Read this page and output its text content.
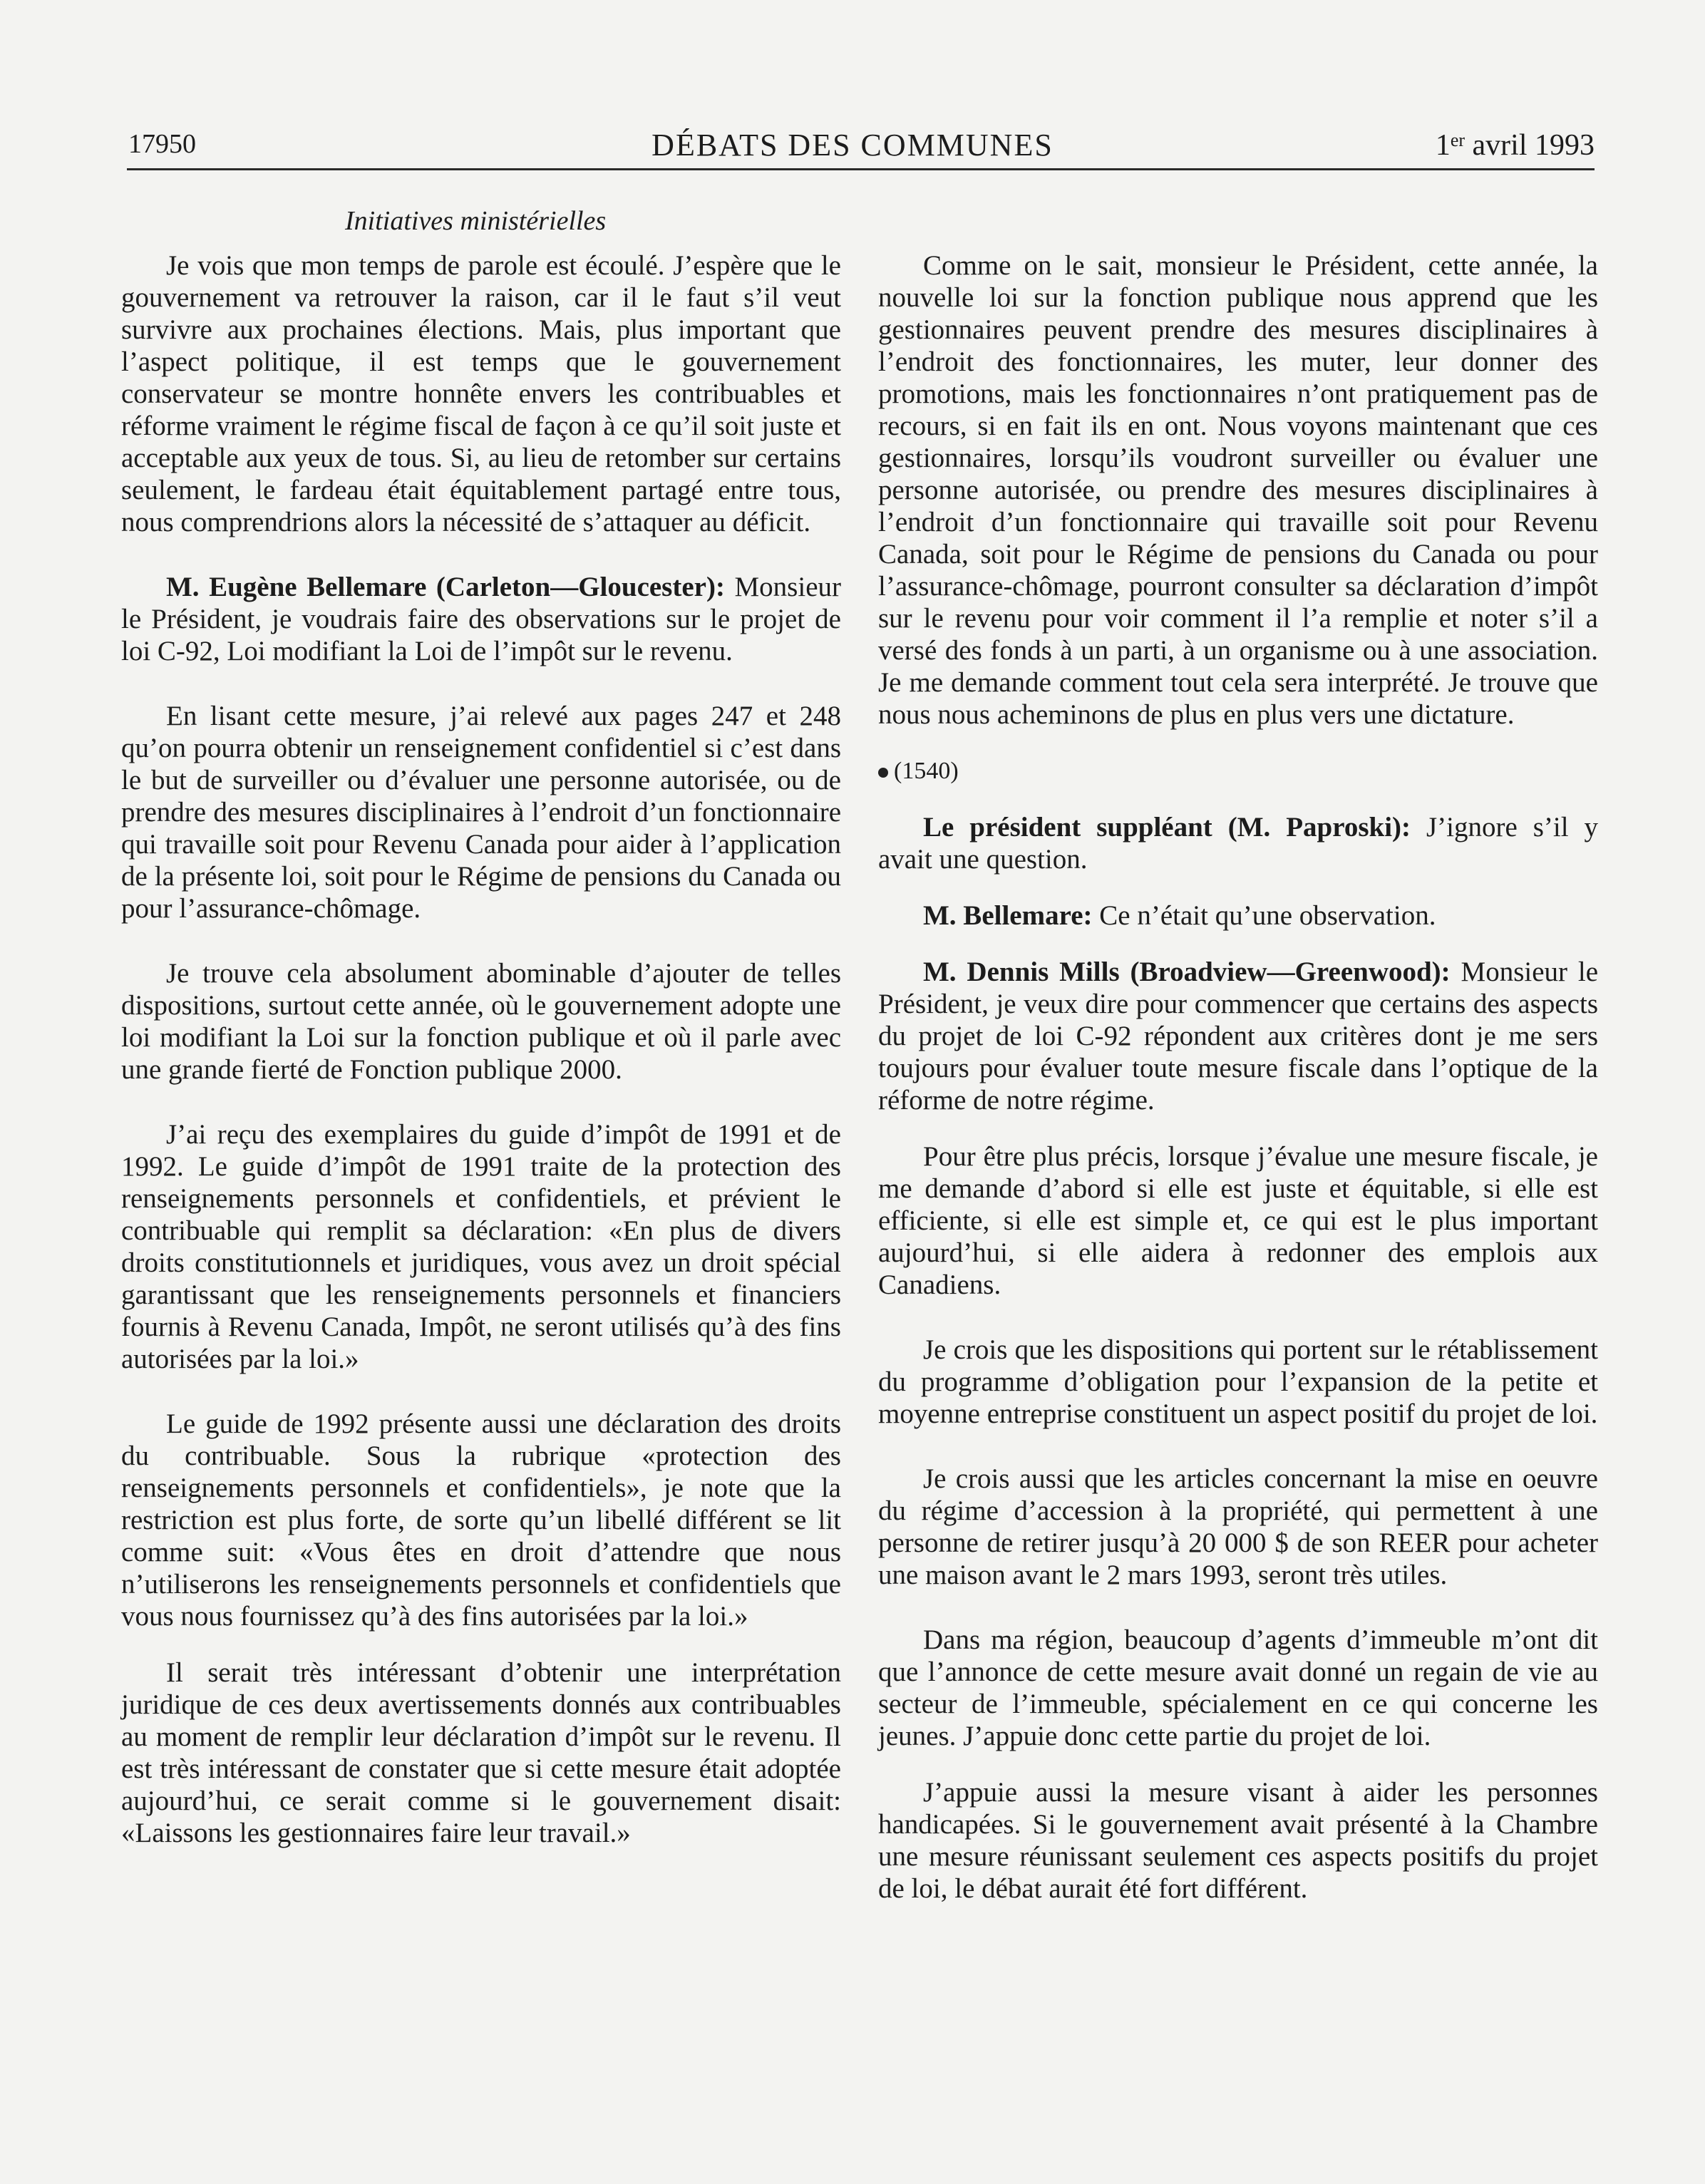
17950	DÉBATS DES COMMUNES	1er avril 1993
Initiatives ministérielles

Je vois que mon temps de parole est écoulé. J’espère que le gouvernement va retrouver la raison, car il le faut s’il veut survivre aux prochaines élections. Mais, plus important que l’aspect politique, il est temps que le gouvernement conservateur se montre honnête envers les contribuables et réforme vraiment le régime fiscal de façon à ce qu’il soit juste et acceptable aux yeux de tous. Si, au lieu de retomber sur certains seulement, le fardeau était équitablement partagé entre tous, nous comprendrions alors la nécessité de s’attaquer au déficit.

M. Eugène Bellemare (Carleton—Gloucester): Monsieur le Président, je voudrais faire des observations sur le projet de loi C-92, Loi modifiant la Loi de l’impôt sur le revenu.

En lisant cette mesure, j’ai relevé aux pages 247 et 248 qu’on pourra obtenir un renseignement confidentiel si c’est dans le but de surveiller ou d’évaluer une personne autorisée, ou de prendre des mesures disciplinaires à l’endroit d’un fonctionnaire qui travaille soit pour Revenu Canada pour aider à l’application de la présente loi, soit pour le Régime de pensions du Canada ou pour l’assurance-chômage.

Je trouve cela absolument abominable d’ajouter de telles dispositions, surtout cette année, où le gouvernement adopte une loi modifiant la Loi sur la fonction publique et où il parle avec une grande fierté de Fonction publique 2000.

J’ai reçu des exemplaires du guide d’impôt de 1991 et de 1992. Le guide d’impôt de 1991 traite de la protection des renseignements personnels et confidentiels, et prévient le contribuable qui remplit sa déclaration: «En plus de divers droits constitutionnels et juridiques, vous avez un droit spécial garantissant que les renseignements personnels et financiers fournis à Revenu Canada, Impôt, ne seront utilisés qu’à des fins autorisées par la loi.»

Le guide de 1992 présente aussi une déclaration des droits du contribuable. Sous la rubrique «protection des renseignements personnels et confidentiels», je note que la restriction est plus forte, de sorte qu’un libellé différent se lit comme suit: «Vous êtes en droit d’attendre que nous n’utiliserons les renseignements personnels et confidentiels que vous nous fournissez qu’à des fins autorisées par la loi.»

Il serait très intéressant d’obtenir une interprétation juridique de ces deux avertissements donnés aux contribuables au moment de remplir leur déclaration d’impôt sur le revenu. Il est très intéressant de constater que si cette mesure était adoptée aujourd’hui, ce serait comme si le gouvernement disait: «Laissons les gestionnaires faire leur travail.»

Comme on le sait, monsieur le Président, cette année, la nouvelle loi sur la fonction publique nous apprend que les gestionnaires peuvent prendre des mesures disciplinaires à l’endroit des fonctionnaires, les muter, leur donner des promotions, mais les fonctionnaires n’ont pratiquement pas de recours, si en fait ils en ont. Nous voyons maintenant que ces gestionnaires, lorsqu’ils voudront surveiller ou évaluer une personne autorisée, ou prendre des mesures disciplinaires à l’endroit d’un fonctionnaire qui travaille soit pour Revenu Canada, soit pour le Régime de pensions du Canada ou pour l’assurance-chômage, pourront consulter sa déclaration d’impôt sur le revenu pour voir comment il l’a remplie et noter s’il a versé des fonds à un parti, à un organisme ou à une association. Je me demande comment tout cela sera interprété. Je trouve que nous nous acheminons de plus en plus vers une dictature.

(1540)

Le président suppléant (M. Paproski): J’ignore s’il y avait une question.

M. Bellemare: Ce n’était qu’une observation.

M. Dennis Mills (Broadview—Greenwood): Monsieur le Président, je veux dire pour commencer que certains des aspects du projet de loi C-92 répondent aux critères dont je me sers toujours pour évaluer toute mesure fiscale dans l’optique de la réforme de notre régime.

Pour être plus précis, lorsque j’évalue une mesure fiscale, je me demande d’abord si elle est juste et équitable, si elle est efficiente, si elle est simple et, ce qui est le plus important aujourd’hui, si elle aidera à redonner des emplois aux Canadiens.

Je crois que les dispositions qui portent sur le rétablissement du programme d’obligation pour l’expansion de la petite et moyenne entreprise constituent un aspect positif du projet de loi.

Je crois aussi que les articles concernant la mise en oeuvre du régime d’accession à la propriété, qui permettent à une personne de retirer jusqu’à 20 000 $ de son REER pour acheter une maison avant le 2 mars 1993, seront très utiles.

Dans ma région, beaucoup d’agents d’immeuble m’ont dit que l’annonce de cette mesure avait donné un regain de vie au secteur de l’immeuble, spécialement en ce qui concerne les jeunes. J’appuie donc cette partie du projet de loi.

J’appuie aussi la mesure visant à aider les personnes handicapées. Si le gouvernement avait présenté à la Chambre une mesure réunissant seulement ces aspects positifs du projet de loi, le débat aurait été fort différent.
